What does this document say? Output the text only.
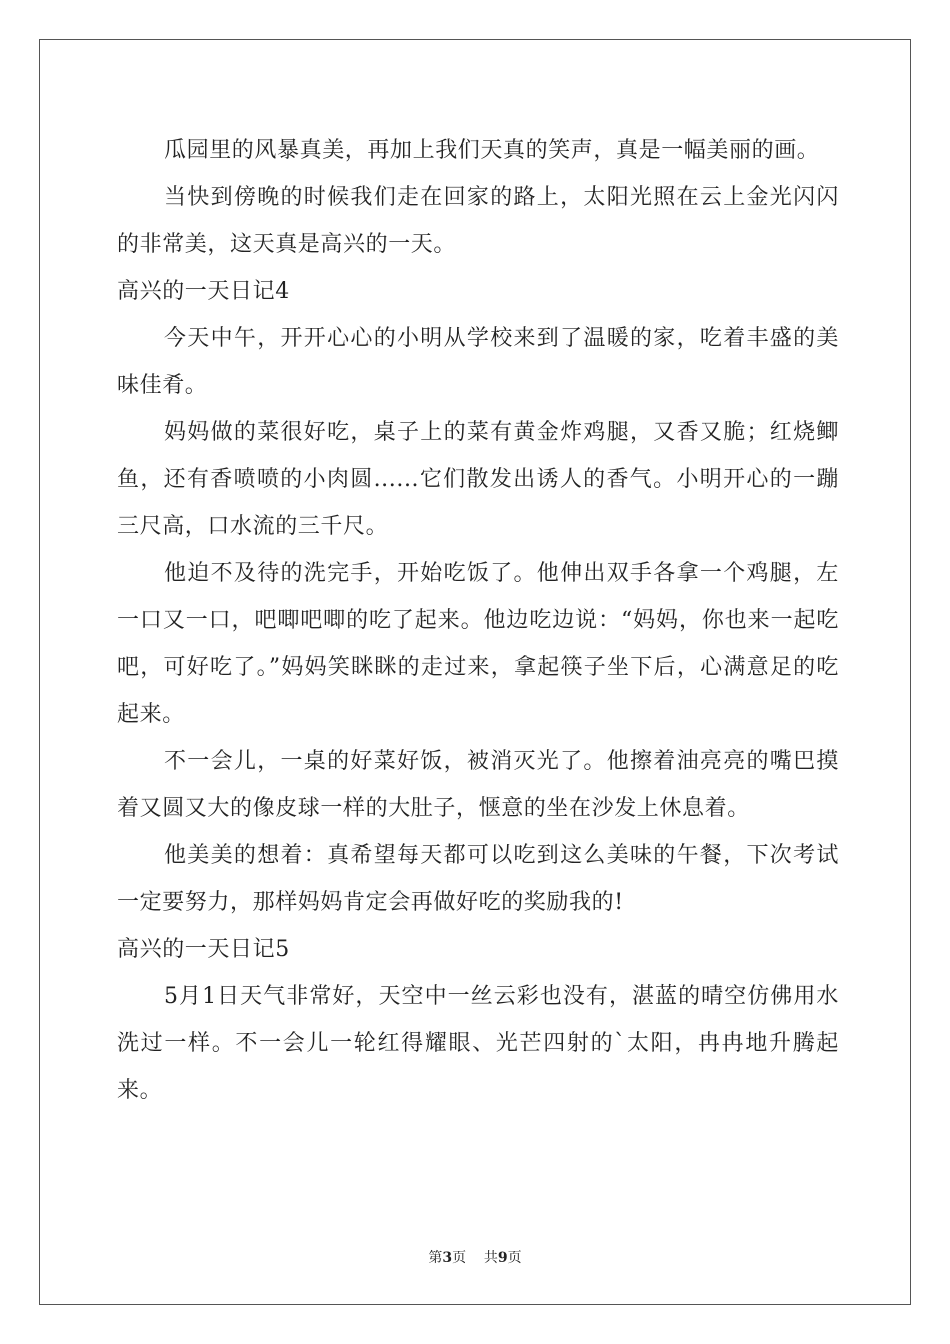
瓜园里的风暴真美，再加上我们天真的笑声，真是一幅美丽的画。

当快到傍晚的时候我们走在回家的路上，太阳光照在云上金光闪闪的非常美，这天真是高兴的一天。

高兴的一天日记4

今天中午，开开心心的小明从学校来到了温暖的家，吃着丰盛的美味佳肴。

妈妈做的菜很好吃，桌子上的菜有黄金炸鸡腿，又香又脆；红烧鲫鱼，还有香喷喷的小肉圆......它们散发出诱人的香气。小明开心的一蹦三尺高，口水流的三千尺。

他迫不及待的洗完手，开始吃饭了。他伸出双手各拿一个鸡腿，左一口又一口，吧唧吧唧的吃了起来。他边吃边说：“妈妈，你也来一起吃吧，可好吃了。”妈妈笑眯眯的走过来，拿起筷子坐下后，心满意足的吃起来。

不一会儿，一桌的好菜好饭，被消灭光了。他擦着油亮亮的嘴巴摸着又圆又大的像皮球一样的大肚子，惬意的坐在沙发上休息着。

他美美的想着：真希望每天都可以吃到这么美味的午餐，下次考试一定要努力，那样妈妈肯定会再做好吃的奖励我的!

高兴的一天日记5

5月1日天气非常好，天空中一丝云彩也没有，湛蓝的晴空仿佛用水洗过一样。不一会儿一轮红得耀眼、光芒四射的`太阳，冉冉地升腾起来。

第3页 共9页
